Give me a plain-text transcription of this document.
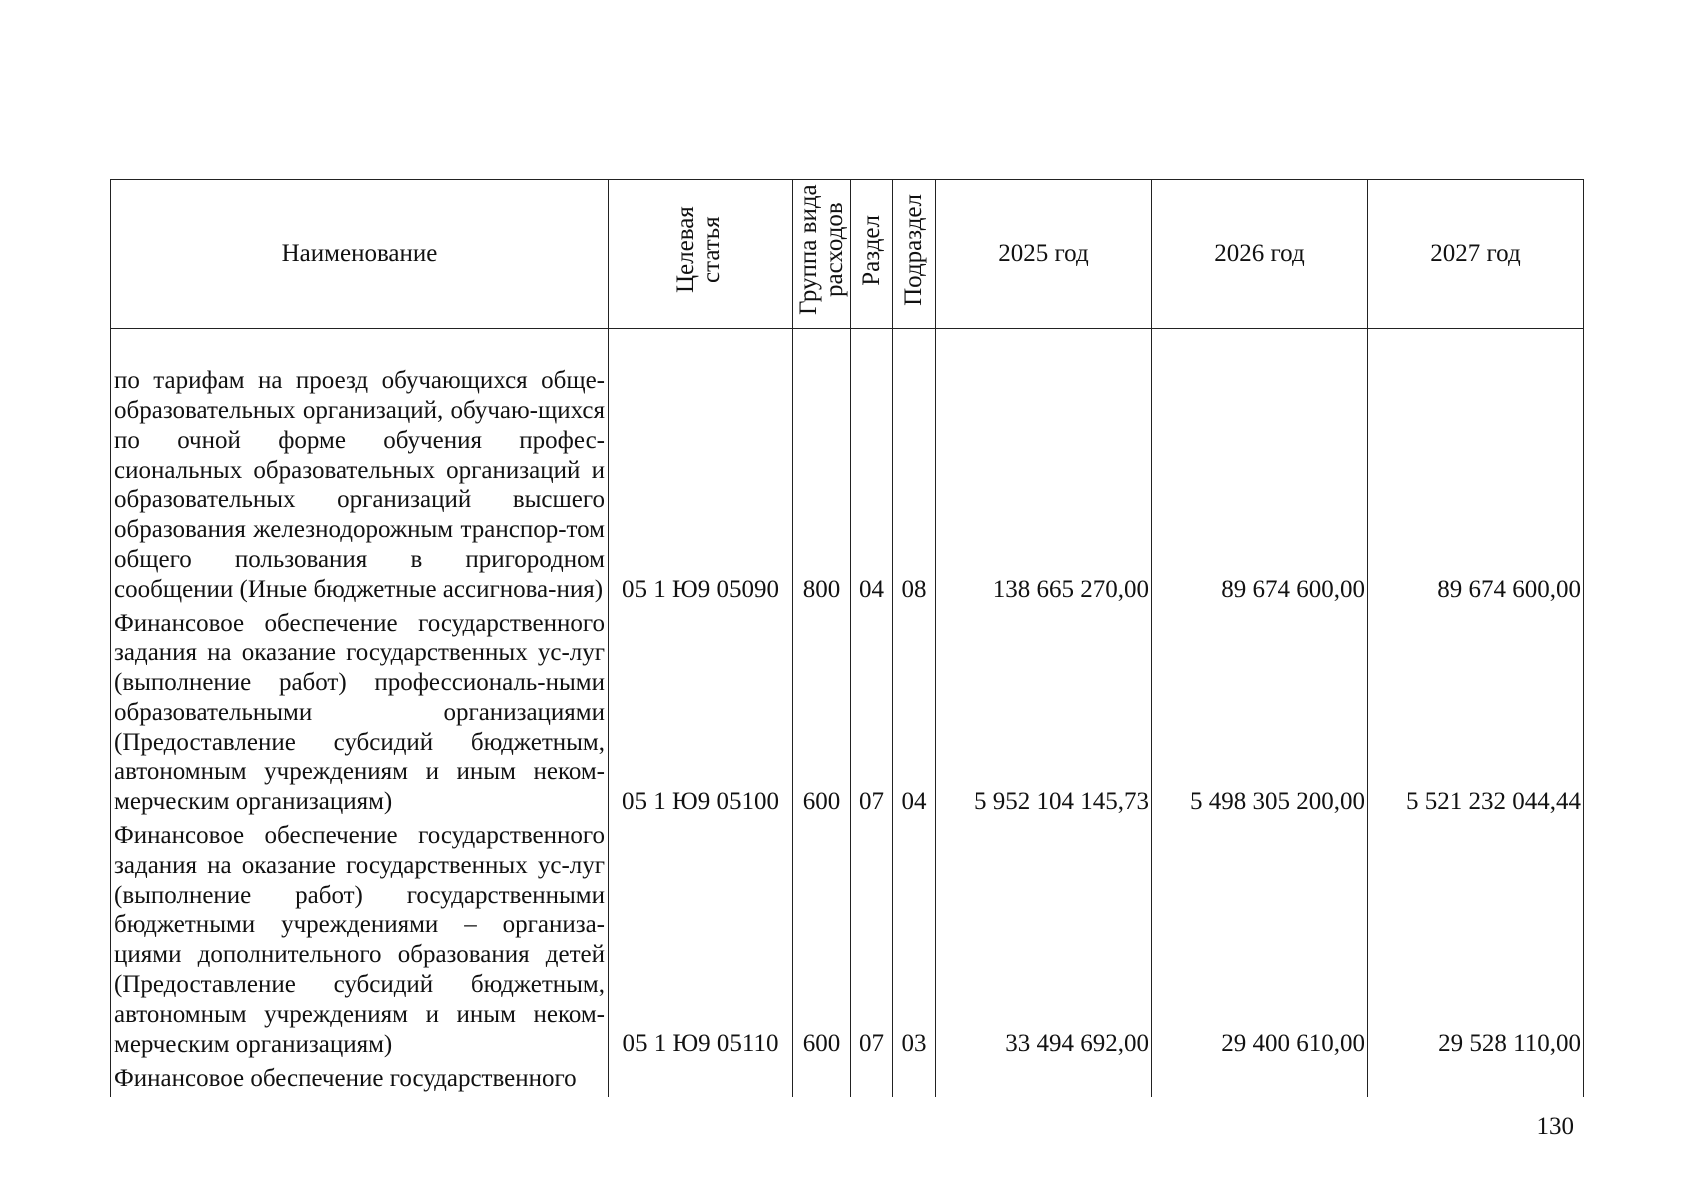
Наименование	Целевая статья	Группа вида расходов	Раздел	Подраздел	2025 год	2026 год	2027 год
по тарифам на проезд обучающихся обще-образовательных организаций, обучаю-щихся по очной форме обучения профес-сиональных образовательных организаций и образовательных организаций высшего образования железнодорожным транспор-том общего пользования в пригородном сообщении (Иные бюджетные ассигнова-ния)	05 1 Ю9 05090	800	04	08	138 665 270,00	89 674 600,00	89 674 600,00
Финансовое обеспечение государственного задания на оказание государственных ус-луг (выполнение работ) профессиональ-ными образовательными организациями (Предоставление субсидий бюджетным, автономным учреждениям и иным неком-мерческим организациям)	05 1 Ю9 05100	600	07	04	5 952 104 145,73	5 498 305 200,00	5 521 232 044,44
Финансовое обеспечение государственного задания на оказание государственных ус-луг (выполнение работ) государственными бюджетными учреждениями – организа-циями дополнительного образования детей (Предоставление субсидий бюджетным, автономным учреждениям и иным неком-мерческим организациям)	05 1 Ю9 05110	600	07	03	33 494 692,00	29 400 610,00	29 528 110,00
Финансовое обеспечение государственного							
130
